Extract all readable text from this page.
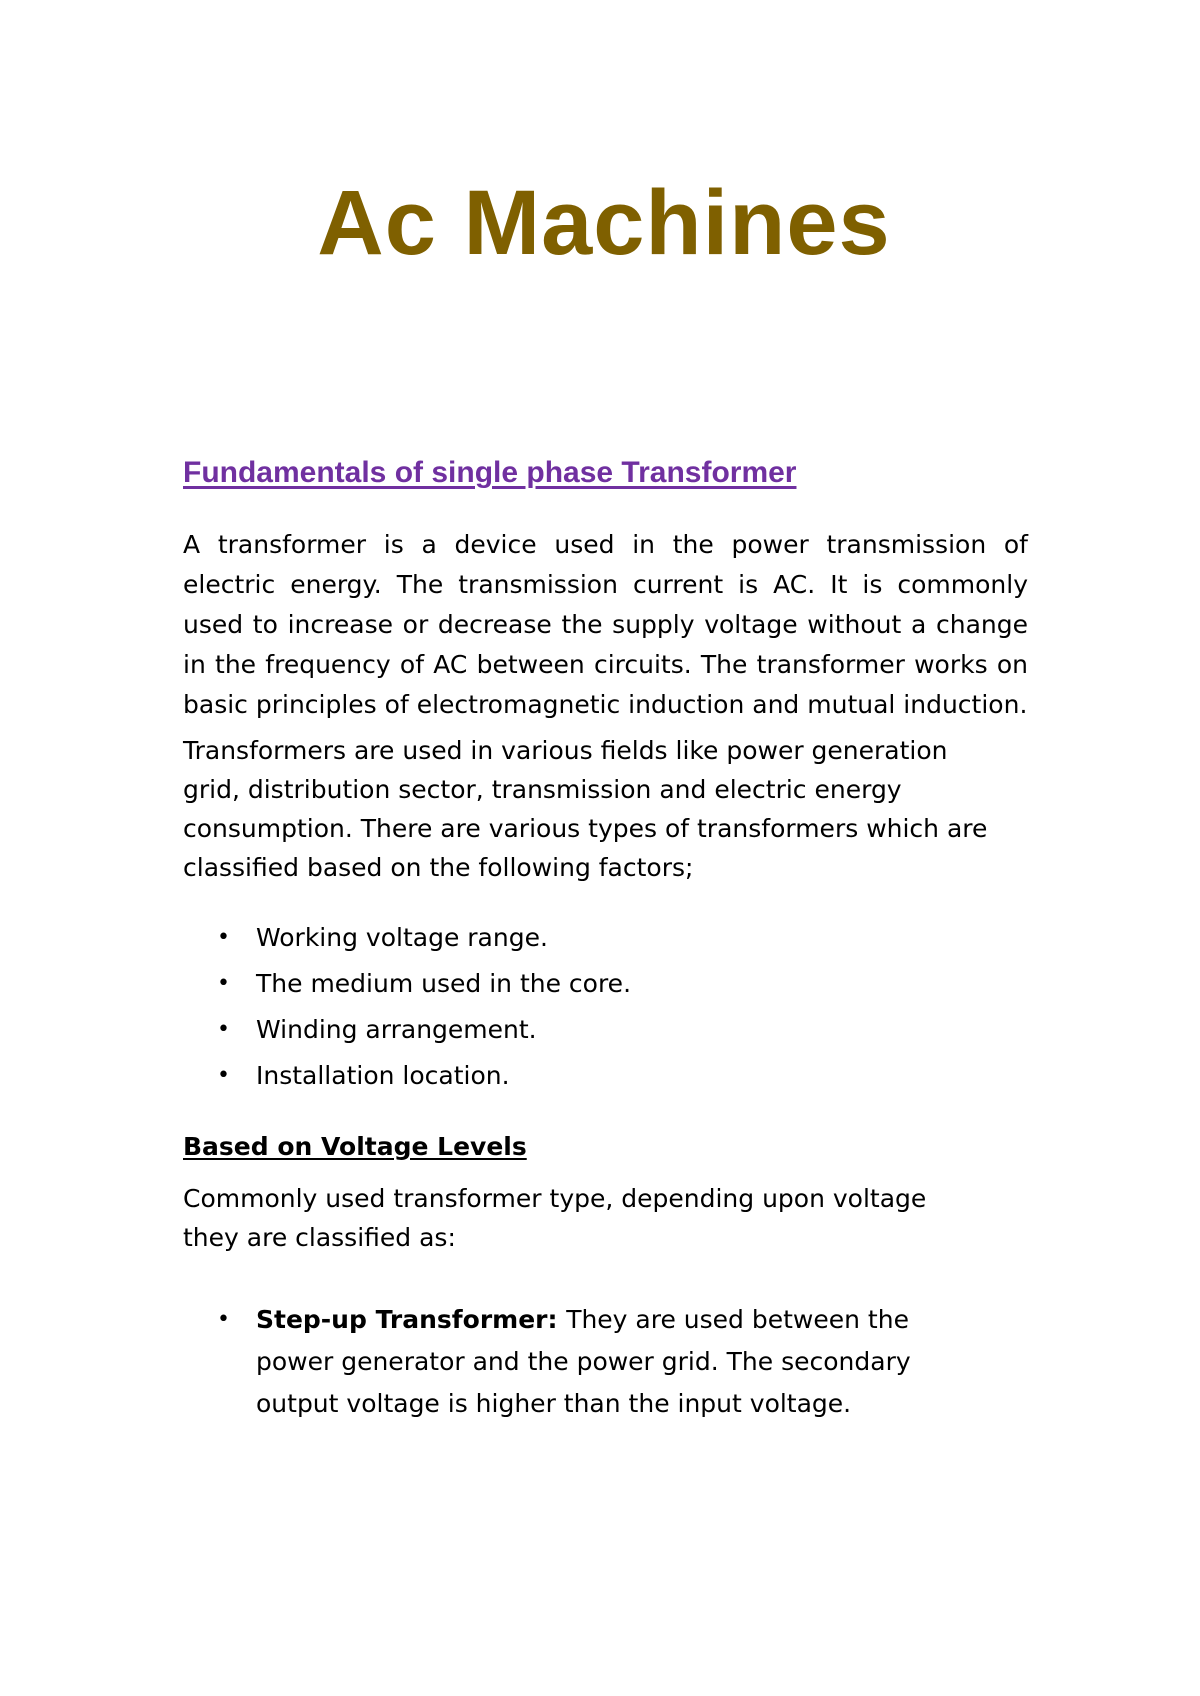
Ac Machines
Fundamentals of single phase Transformer

A transformer is a device used in the power transmission of electric energy. The transmission current is AC. It is commonly used to increase or decrease the supply voltage without a change in the frequency of AC between circuits. The transformer works on basic principles of electromagnetic induction and mutual induction.

Transformers are used in various fields like power generation grid, distribution sector, transmission and electric energy consumption. There are various types of transformers which are classified based on the following factors;

• Working voltage range.
• The medium used in the core.
• Winding arrangement.
• Installation location.
Based on Voltage Levels

Commonly used transformer type, depending upon voltage they are classified as:

• Step-up Transformer: They are used between the power generator and the power grid. The secondary output voltage is higher than the input voltage.
